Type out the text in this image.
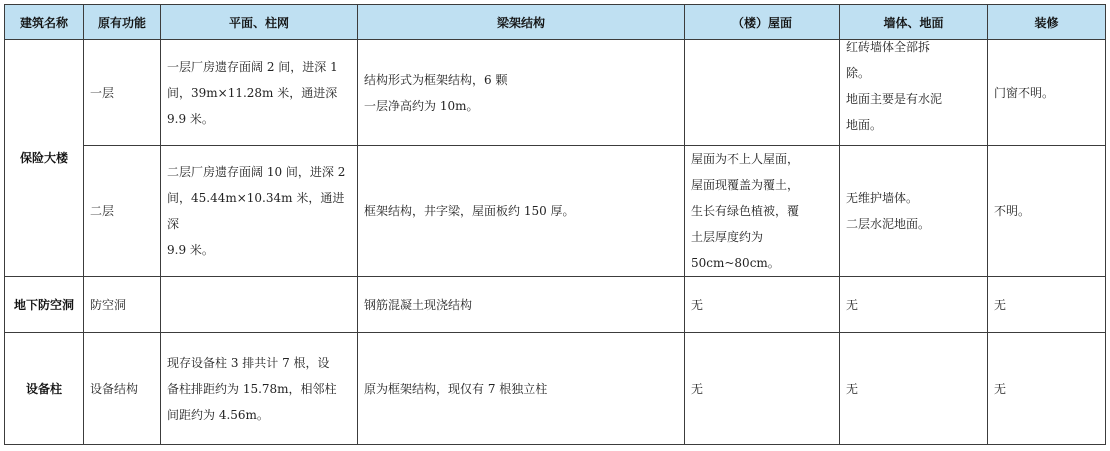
建筑名称	原有功能	平面、柱网	梁架结构	（楼）屋面	墙体、地面	装修
保险大楼	一层	一层厂房遗存面阔 2 间，进深 1
间，39m×11.28m 米，通进深
9.9 米。	结构形式为框架结构，6 颗
一层净高约为 10m。		红砖墙体全部拆
除。
地面主要是有水泥
地面。	门窗不明。
	二层	二层厂房遗存面阔 10 间，进深 2
间，45.44m×10.34m 米，通进深
9.9 米。	框架结构，井字梁，屋面板约 150 厚。	屋面为不上人屋面，
屋面现覆盖为覆土，
生长有绿色植被，覆
土层厚度约为
50cm~80cm。	无维护墙体。
二层水泥地面。	不明。
地下防空洞	防空洞		钢筋混凝土现浇结构	无	无	无
设备柱	设备结构	现存设备柱 3 排共计 7 根，设
备柱排距约为 15.78m，相邻柱
间距约为 4.56m。	原为框架结构，现仅有 7 根独立柱	无	无	无
